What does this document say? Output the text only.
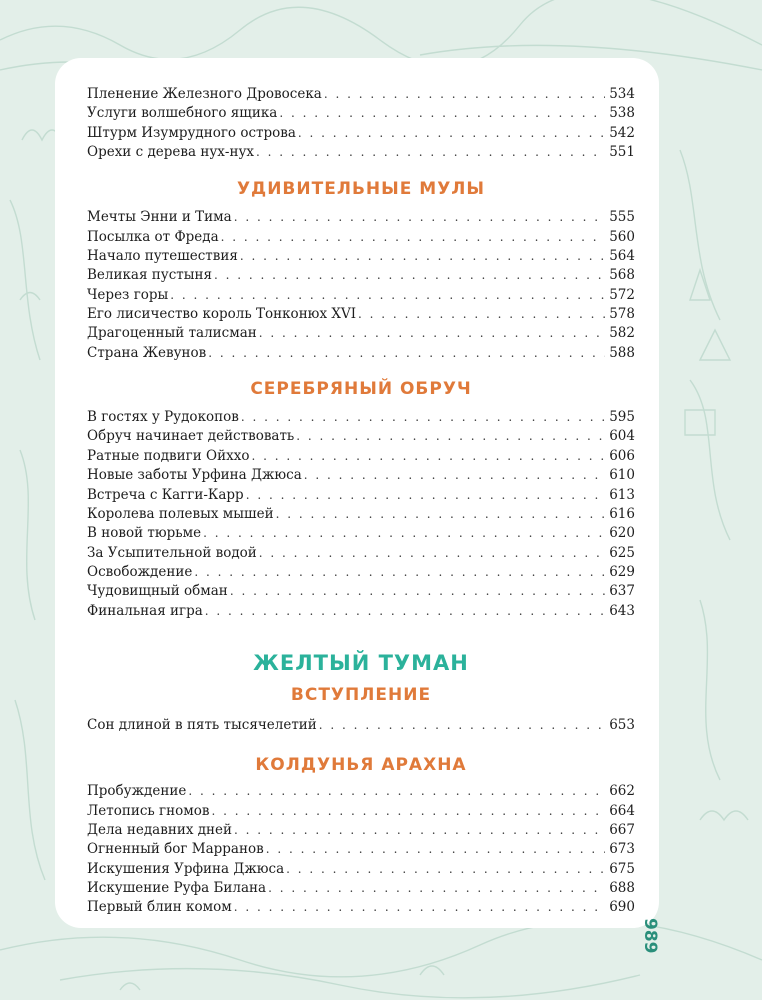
Пленение Железного Дровосека . . .	534
Услуги волшебного ящика . . .	538
Штурм Изумрудного острова . . .	542
Орехи с дерева нух-нух . . .	551
УДИВИТЕЛЬНЫЕ МУЛЫ
Мечты Энни и Тима . . .	555
Посылка от Фреда . . .	560
Начало путешествия . . .	564
Великая пустыня . . .	568
Через горы . . .	572
Его лисичество король Тонконюх XVI . . .	578
Драгоценный талисман . . .	582
Страна Жевунов . . .	588
СЕРЕБРЯНЫЙ ОБРУЧ
В гостях у Рудокопов . . .	595
Обруч начинает действовать . . .	604
Ратные подвиги Ойххо . . .	606
Новые заботы Урфина Джюса . . .	610
Встреча с Кагги-Карр . . .	613
Королева полевых мышей . . .	616
В новой тюрьме . . .	620
За Усыпительной водой . . .	625
Освобождение . . .	629
Чудовищный обман . . .	637
Финальная игра . . .	643
ЖЕЛТЫЙ ТУМАН
ВСТУПЛЕНИЕ
Сон длиной в пять тысячелетий . . .	653
КОЛДУНЬЯ АРАХНА
Пробуждение . . .	662
Летопись гномов . . .	664
Дела недавних дней . . .	667
Огненный бог Марранов . . .	673
Искушения Урфина Джюса . . .	675
Искушение Руфа Билана . . .	688
Первый блин комом . . .	690
989
